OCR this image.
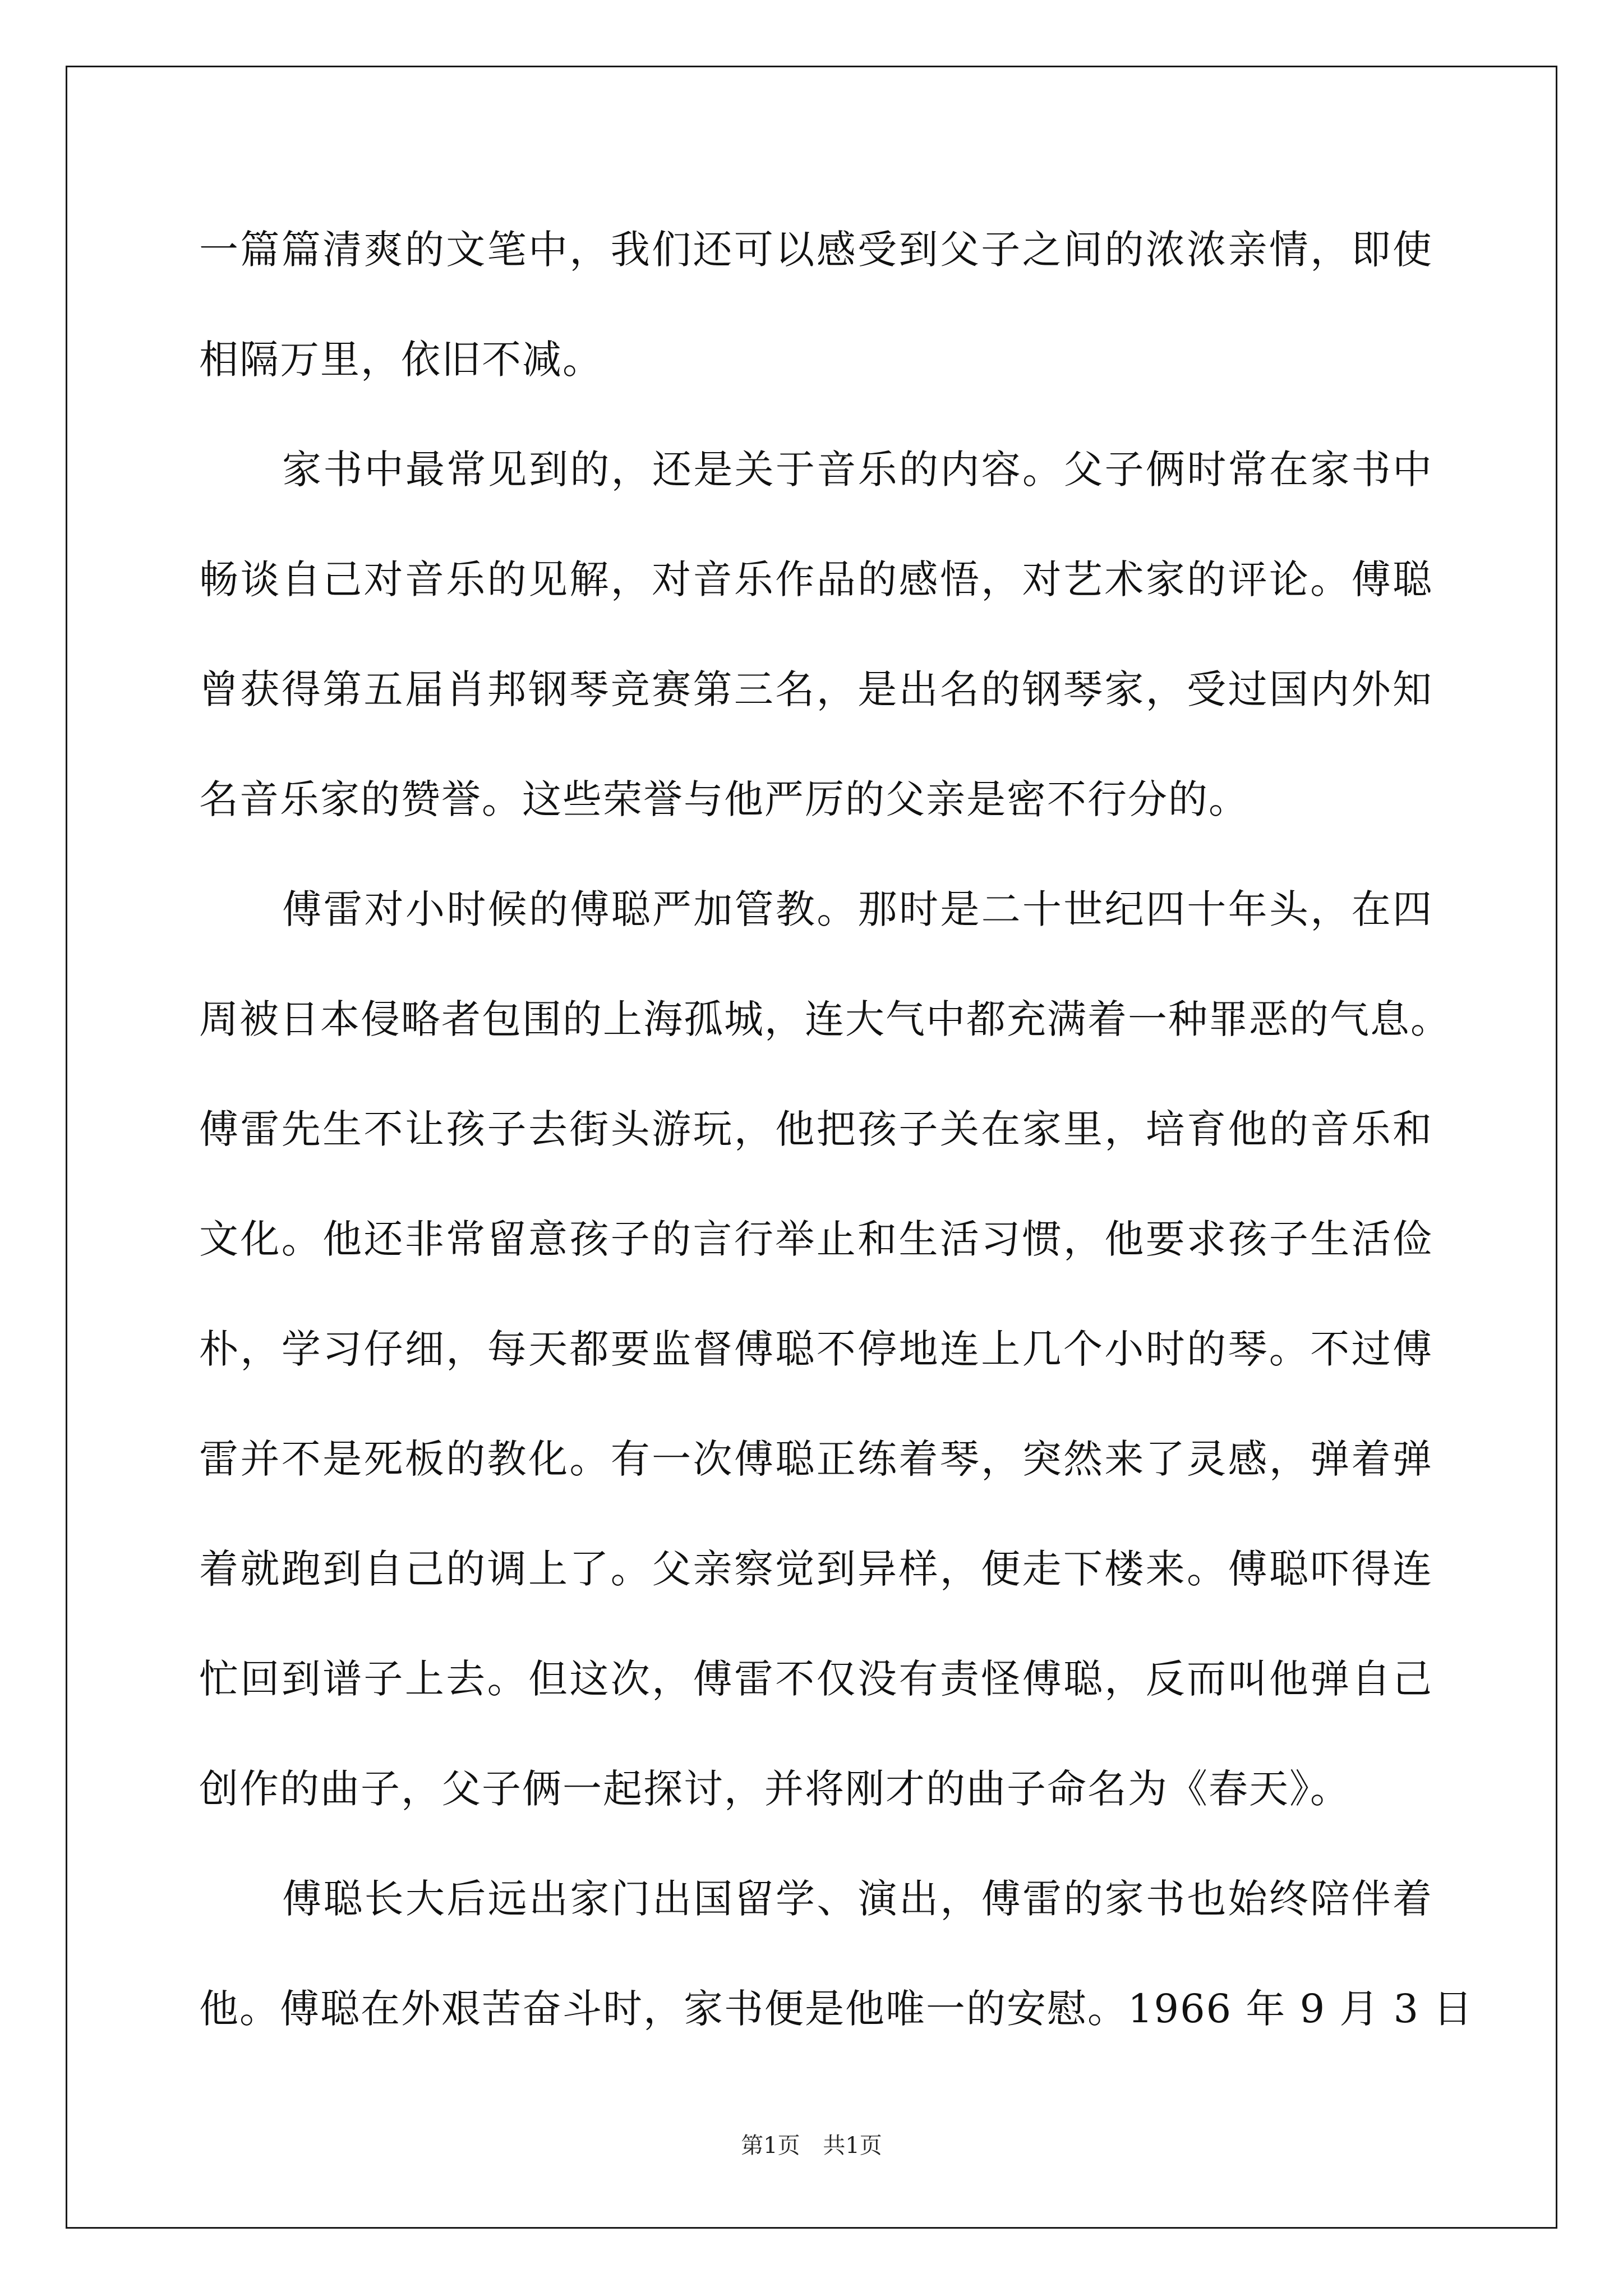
一篇篇清爽的文笔中，我们还可以感受到父子之间的浓浓亲情，即使
相隔万里，依旧不减。
家书中最常见到的，还是关于音乐的内容。父子俩时常在家书中
畅谈自己对音乐的见解，对音乐作品的感悟，对艺术家的评论。傅聪
曾获得第五届肖邦钢琴竞赛第三名，是出名的钢琴家，受过国内外知
名音乐家的赞誉。这些荣誉与他严厉的父亲是密不行分的。
傅雷对小时候的傅聪严加管教。那时是二十世纪四十年头，在四
周被日本侵略者包围的上海孤城，连大气中都充满着一种罪恶的气息。
傅雷先生不让孩子去街头游玩，他把孩子关在家里，培育他的音乐和
文化。他还非常留意孩子的言行举止和生活习惯，他要求孩子生活俭
朴，学习仔细，每天都要监督傅聪不停地连上几个小时的琴。不过傅
雷并不是死板的教化。有一次傅聪正练着琴，突然来了灵感，弹着弹
着就跑到自己的调上了。父亲察觉到异样，便走下楼来。傅聪吓得连
忙回到谱子上去。但这次，傅雷不仅没有责怪傅聪，反而叫他弹自己
创作的曲子，父子俩一起探讨，并将刚才的曲子命名为《春天》。
傅聪长大后远出家门出国留学、演出，傅雷的家书也始终陪伴着
他。傅聪在外艰苦奋斗时，家书便是他唯一的安慰。1966 年 9 月 3 日
第1页 共1页
